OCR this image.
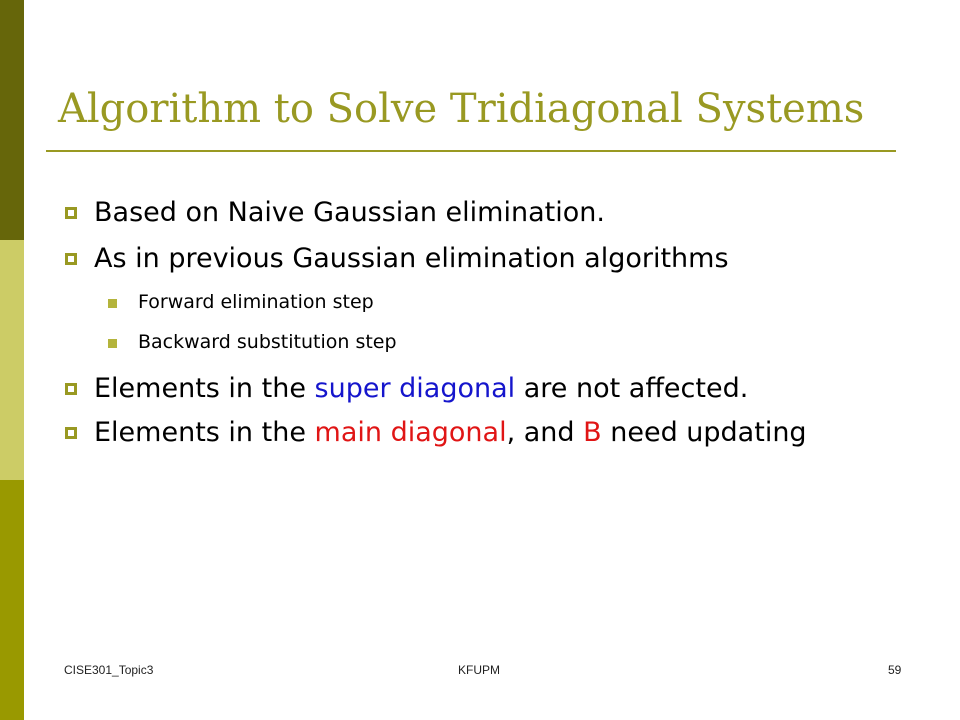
Algorithm to Solve Tridiagonal Systems
Based on Naive Gaussian elimination.
As in previous Gaussian elimination algorithms
Forward elimination step
Backward substitution step
Elements in the super diagonal are not affected.
Elements in the main diagonal, and B need updating
CISE301_Topic3	KFUPM	59
